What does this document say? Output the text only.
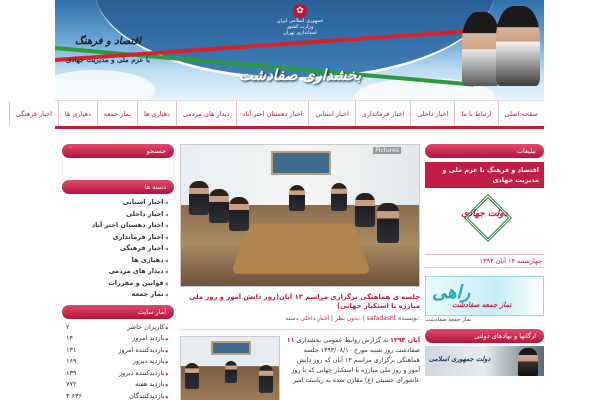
✿
جمهوری اسلامی ایران
وزارت کشور
استانداری تهران
بخشداری صفادشت
اقتصاد و فرهنگ
با عزم ملی و مدیریت جهادی
صفحه اصلی
ارتباط با ما
اخبار داخلی
اخبار فرمانداری
اخبار استانی
اخبار دهستان اختر آباد
دیدار های مردمی
دهیاری ها
نماز جمعه
دهیاری ها
اخبار فرهنگی
جستجو
دسته ها
اخبار استانی ◀
اخبار داخلی ◀
اخبار دهستان اختر آباد ◀
اخبار فرمانداری ◀
اخبار فرهنگی ◀
دهیاری ها ◀
دیدار های مردمی ◀
قوانین و مقررات ◀
نماز جمعه ◀
آمار سایت
۲	کاربران حاضر ●
۱۴	بازدید امروز ●
۱۳۱	بازدیدکننده امروز ●
۱۶۹	بازدید دیروز ●
۱۳۹	بازدیدکننده دیروز ●
۷۷۲	بازدید هفته ●
۳ ۶۳۶	بازدیدکنندگان ●
Pictures
جلسه ی هماهنگی برگزاری مراسم ۱۳ آبان(روز دانش آموز و روز ملی مبارزه با استکبار جهانی)
بدون نظر | اخبار داخلی دسته: | safadasht نویسنده:
۱۱ آبان ۱۳۹۳ به گزارش روابط عمومی بخشداری صفادشت روز شنبه مورخ ۱۳۹۳/۰۸/۱۰ جلسه هماهنگی برگزاری مراسم ۱۳ آبان که روز دانش آموز و روز ملی مبارزه با استکبار جهانی که با روز عاشورای حسینی (ع) مقارن شده به ریاست امیر
تبلیغات
اقتصاد و فرهنگ با عزم ملی و مدیریت جهادی
دولت جهادی
چهارشنبه ۱۴ آبان ۱۳۹۳
راهی
نماز جمعه صفادشت
نماز جمعه صفادشت
ارگانها و نهادهای دولتی
دولت جمهوری اسلامی
